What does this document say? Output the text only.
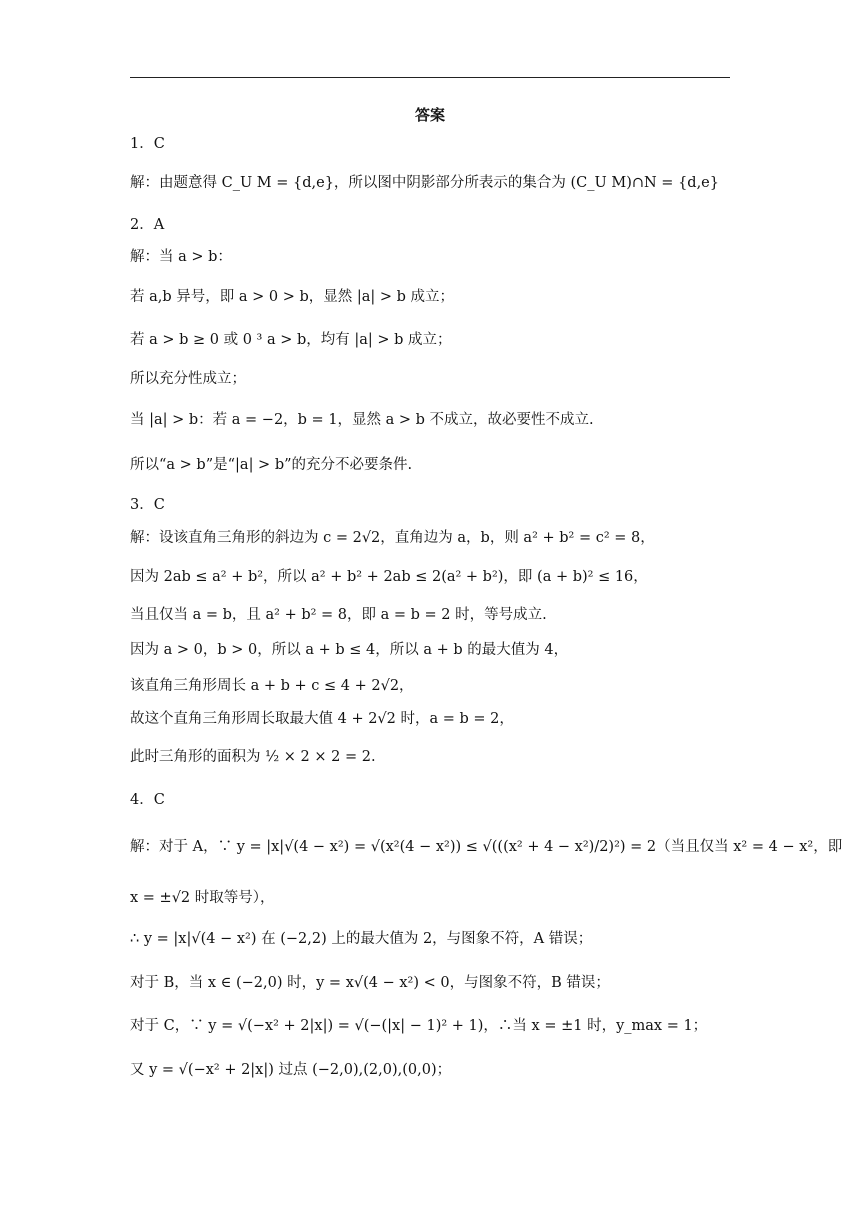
答案
1．C
解：由题意得 C_U M = {d,e}，所以图中阴影部分所表示的集合为 (C_U M)∩N = {d,e}
2．A
解：当 a > b：
若 a,b 异号，即 a > 0 > b，显然 |a| > b 成立；
若 a > b ≥ 0 或 0 ³ a > b，均有 |a| > b 成立；
所以充分性成立；
当 |a| > b：若 a = −2，b = 1，显然 a > b 不成立，故必要性不成立.
所以“a > b”是“|a| > b”的充分不必要条件.
3．C
解：设该直角三角形的斜边为 c = 2√2，直角边为 a，b，则 a² + b² = c² = 8，
因为 2ab ≤ a² + b²，所以 a² + b² + 2ab ≤ 2(a² + b²)，即 (a + b)² ≤ 16，
当且仅当 a = b，且 a² + b² = 8，即 a = b = 2 时，等号成立.
因为 a > 0，b > 0，所以 a + b ≤ 4，所以 a + b 的最大值为 4，
该直角三角形周长 a + b + c ≤ 4 + 2√2，
故这个直角三角形周长取最大值 4 + 2√2 时，a = b = 2，
此时三角形的面积为 ½ × 2 × 2 = 2.
4．C
解：对于 A，∵ y = |x|√(4 − x²) = √(x²(4 − x²)) ≤ √(((x² + 4 − x²)/2)²) = 2（当且仅当 x² = 4 − x²，即
x = ±√2 时取等号），
∴ y = |x|√(4 − x²) 在 (−2,2) 上的最大值为 2，与图象不符，A 错误；
对于 B，当 x ∈ (−2,0) 时，y = x√(4 − x²) < 0，与图象不符，B 错误；
对于 C，∵ y = √(−x² + 2|x|) = √(−(|x| − 1)² + 1)，∴当 x = ±1 时，y_max = 1；
又 y = √(−x² + 2|x|) 过点 (−2,0),(2,0),(0,0)；
